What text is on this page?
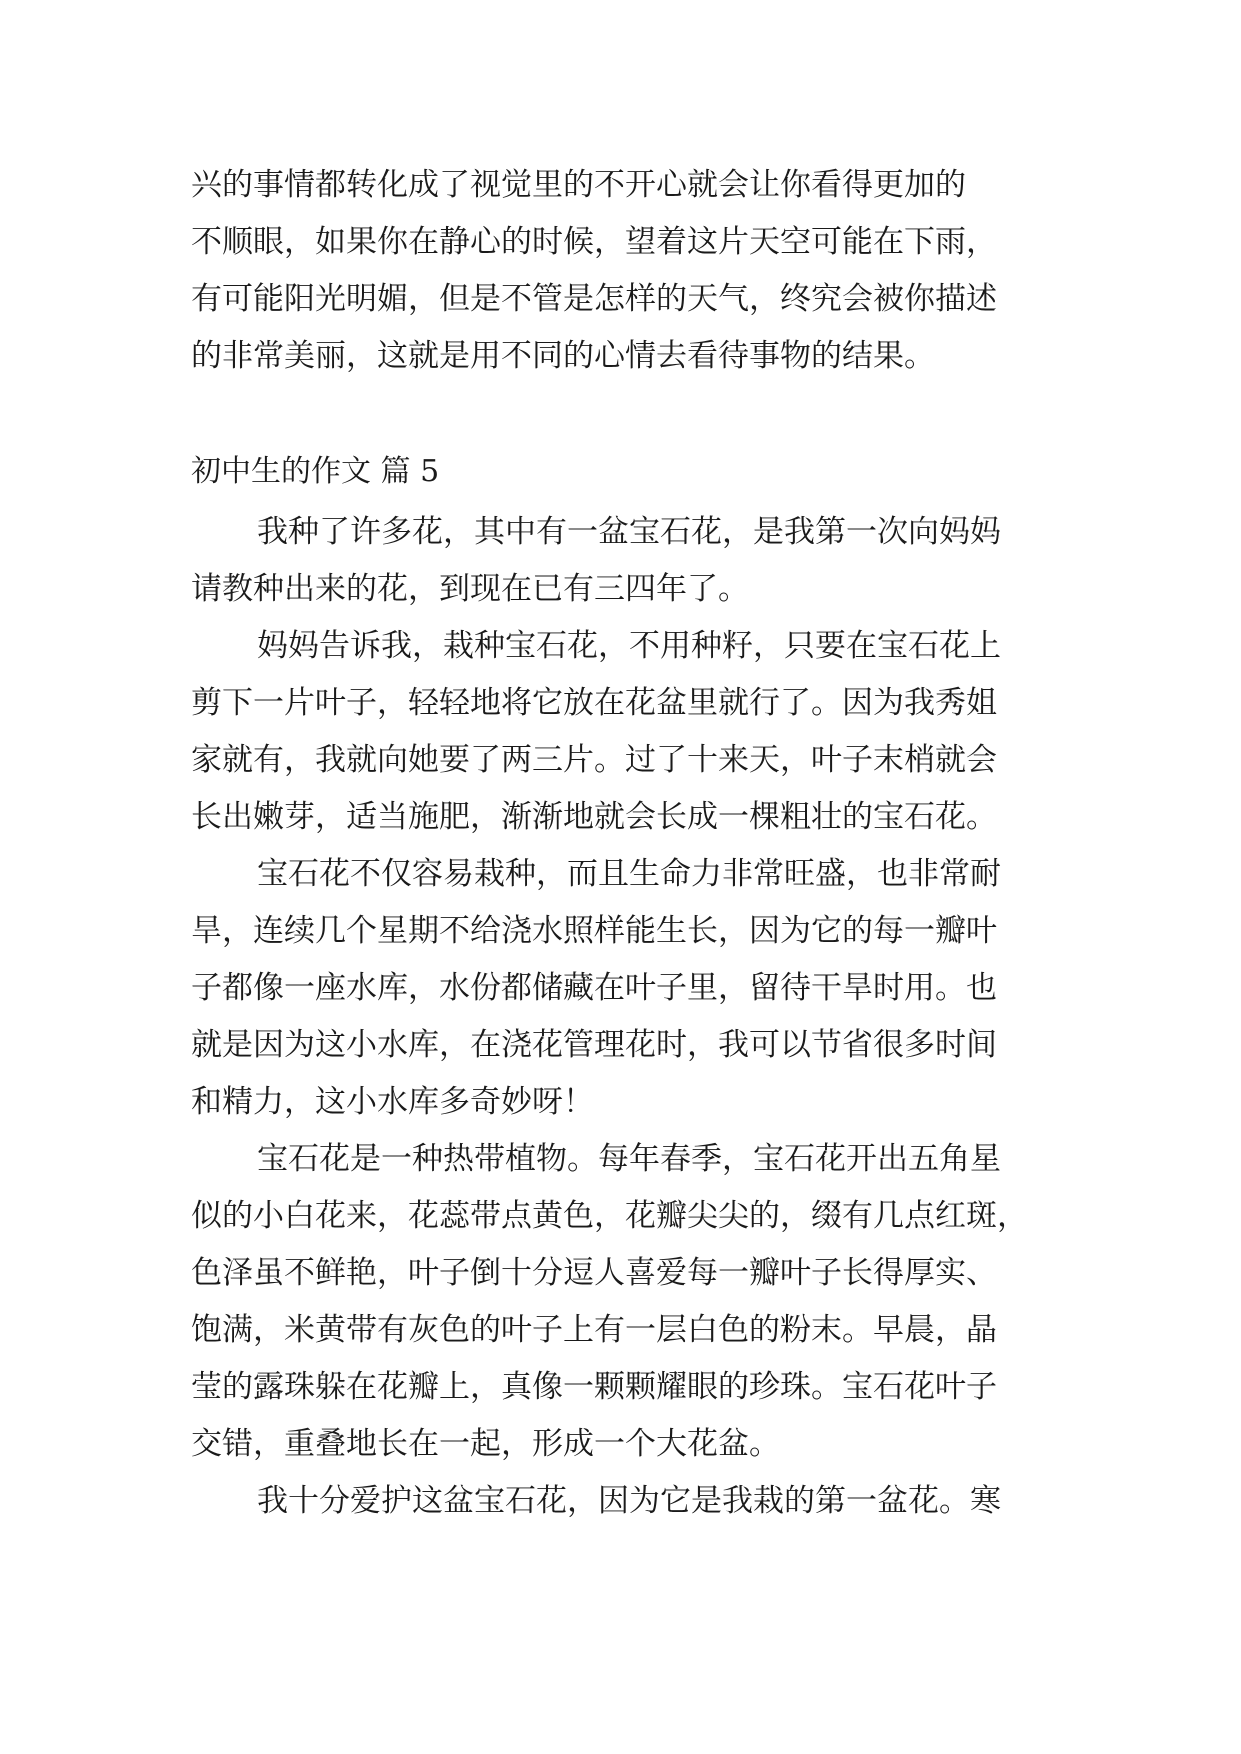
兴的事情都转化成了视觉里的不开心就会让你看得更加的
不顺眼，如果你在静心的时候，望着这片天空可能在下雨，
有可能阳光明媚，但是不管是怎样的天气，终究会被你描述
的非常美丽，这就是用不同的心情去看待事物的结果。
初中生的作文 篇 5
我种了许多花，其中有一盆宝石花，是我第一次向妈妈
请教种出来的花，到现在已有三四年了。
妈妈告诉我，栽种宝石花，不用种籽，只要在宝石花上
剪下一片叶子，轻轻地将它放在花盆里就行了。因为我秀姐
家就有，我就向她要了两三片。过了十来天，叶子末梢就会
长出嫩芽，适当施肥，渐渐地就会长成一棵粗壮的宝石花。
宝石花不仅容易栽种，而且生命力非常旺盛，也非常耐
旱，连续几个星期不给浇水照样能生长，因为它的每一瓣叶
子都像一座水库，水份都储藏在叶子里，留待干旱时用。也
就是因为这小水库，在浇花管理花时，我可以节省很多时间
和精力，这小水库多奇妙呀！
宝石花是一种热带植物。每年春季，宝石花开出五角星
似的小白花来，花蕊带点黄色，花瓣尖尖的，缀有几点红斑，
色泽虽不鲜艳，叶子倒十分逗人喜爱每一瓣叶子长得厚实、
饱满，米黄带有灰色的叶子上有一层白色的粉末。早晨，晶
莹的露珠躲在花瓣上，真像一颗颗耀眼的珍珠。宝石花叶子
交错，重叠地长在一起，形成一个大花盆。
我十分爱护这盆宝石花，因为它是我栽的第一盆花。寒
